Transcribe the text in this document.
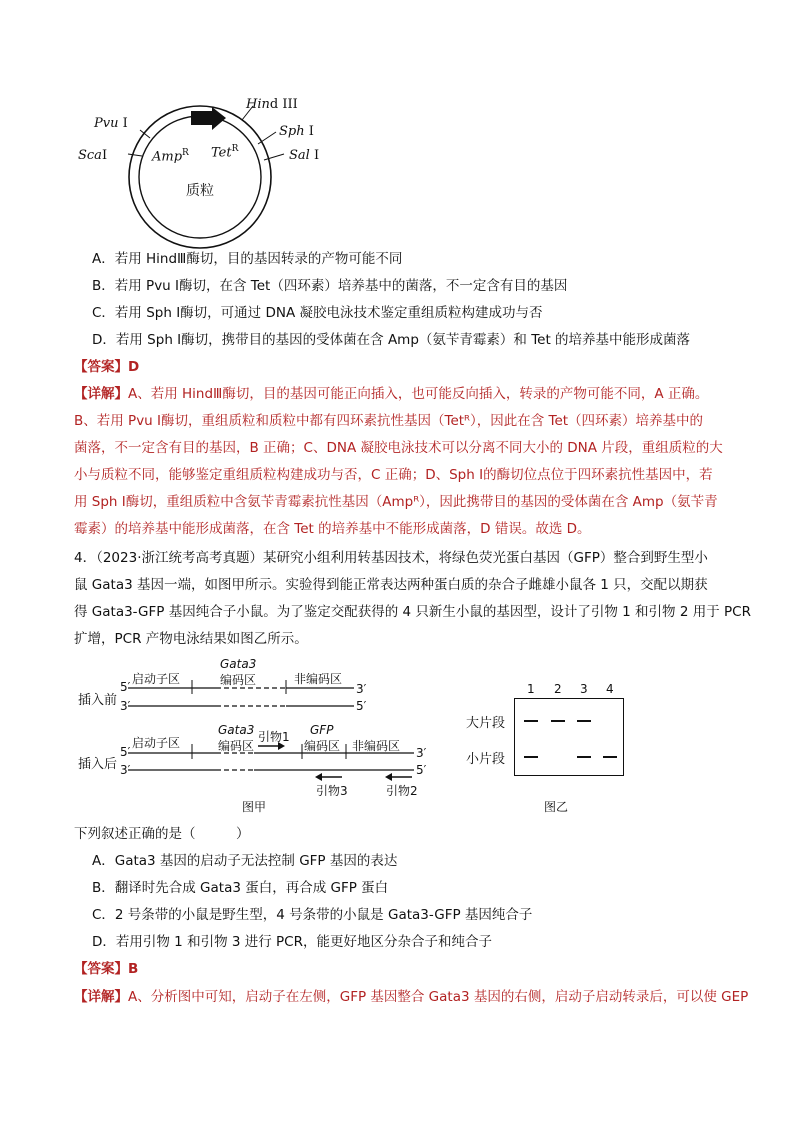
Pvu I
ScaI
Hind III
Sph I
Sal I
Amp$^R$ Tet$^R$
质粒
A．若用 HindⅢ酶切，目的基因转录的产物可能不同
B．若用 Pvu Ⅰ酶切，在含 Tet（四环素）培养基中的菌落，不一定含有目的基因
C．若用 Sph Ⅰ酶切，可通过 DNA 凝胶电泳技术鉴定重组质粒构建成功与否
D．若用 Sph Ⅰ酶切，携带目的基因的受体菌在含 Amp（氨苄青霉素）和 Tet 的培养基中能形成菌落
【答案】D
【详解】A、若用 HindⅢ酶切，目的基因可能正向插入，也可能反向插入，转录的产物可能不同，A 正确。
B、若用 Pvu Ⅰ酶切，重组质粒和质粒中都有四环素抗性基因（Tetᴿ），因此在含 Tet（四环素）培养基中的
菌落，不一定含有目的基因，B 正确；C、DNA 凝胶电泳技术可以分离不同大小的 DNA 片段，重组质粒的大
小与质粒不同，能够鉴定重组质粒构建成功与否，C 正确；D、Sph Ⅰ的酶切位点位于四环素抗性基因中，若
用 Sph Ⅰ酶切，重组质粒中含氨苄青霉素抗性基因（Ampᴿ），因此携带目的基因的受体菌在含 Amp（氨苄青
霉素）的培养基中能形成菌落，在含 Tet 的培养基中不能形成菌落，D 错误。故选 D。
4．（2023·浙江统考高考真题）某研究小组利用转基因技术，将绿色荧光蛋白基因（GFP）整合到野生型小
鼠 Gata3 基因一端，如图甲所示。实验得到能正常表达两种蛋白质的杂合子雌雄小鼠各 1 只，交配以期获
得 Gata3-GFP 基因纯合子小鼠。为了鉴定交配获得的 4 只新生小鼠的基因型，设计了引物 1 和引物 2 用于 PCR
扩增，PCR 产物电泳结果如图乙所示。
插入前
插入后
启动子区
Gata3
编码区	非编码区
5′
3′
3′
5′
启动子区
Gata3
编码区
引物1 GFP
编码区 非编码区
5′
3′
3′
5′
引物3	引物2
图甲
1 2 3 4
大片段
小片段
图乙
下列叙述正确的是（　　　）
A．Gata3 基因的启动子无法控制 GFP 基因的表达
B．翻译时先合成 Gata3 蛋白，再合成 GFP 蛋白
C．2 号条带的小鼠是野生型，4 号条带的小鼠是 Gata3-GFP 基因纯合子
D．若用引物 1 和引物 3 进行 PCR，能更好地区分杂合子和纯合子
【答案】B
【详解】A、分析图中可知，启动子在左侧，GFP 基因整合 Gata3 基因的右侧，启动子启动转录后，可以使 GEP
